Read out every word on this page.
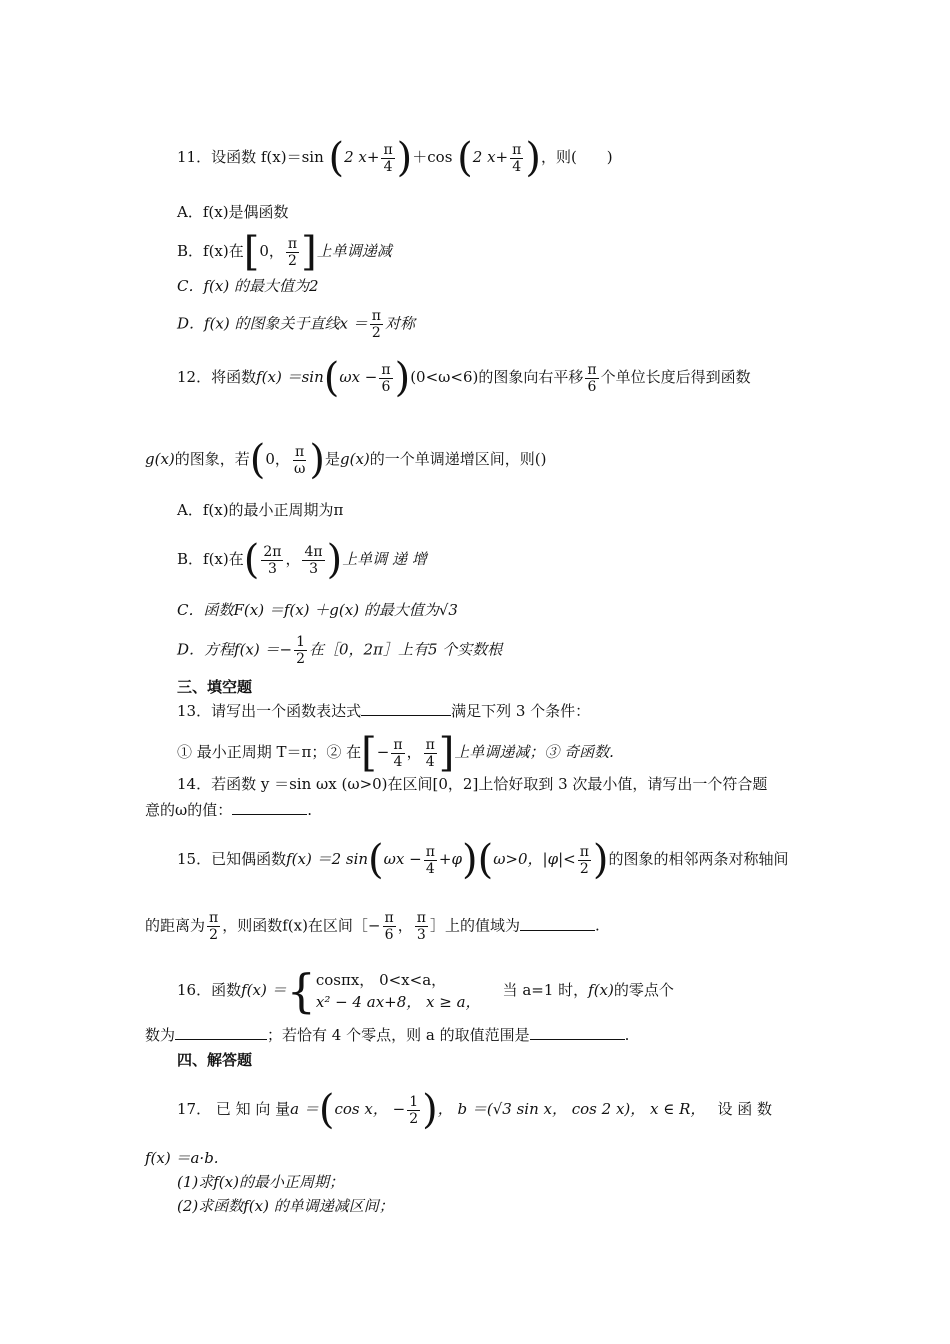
11．设函数 f(x)＝sin (2 $x+ \frac{\pi}{4} )+\cos$ (2 $x+ \frac{\pi}{4}$ )，则(　　)
A．f(x)是偶函数
B．f(x)在[0， $\frac{\pi}{2}$ ]上单调递减
C．f(x) 的最大值为2
D．f(x) 的图象关于直线$x = \frac{\pi}{2}$ 对称
12．将函数$f(x) =\sin(\omega x - \frac{\pi}{6} )(0<\omega<6)$的图象向右平移 $\frac{\pi}{6}$ 个单位长度后得到函数
g(x)的图象，若(0， $\frac{\pi}{\omega}$ )是g(x)的一个单调递增区间，则()
A．f(x)的最小正周期为π
B．f(x)在( $\frac{2\pi}{3}$ ， $\frac{4\pi}{3}$ )上单调 递 增
C．函数F(x) ＝f(x) ＋g(x) 的最大值为√3
D．方程$f(x) =- \frac{1}{2}$ 在［0，2π］上有5 个实数根
三、填空题
13．请写出一个函数表达式	满足下列 3 个条件：
① 最小正周期 T＝π；② 在[− $\frac{\pi}{4}$ ， $\frac{\pi}{4}$ ]上单调递减；③ 奇函数.
14．若函数 y ＝sin ωx (ω>0)在区间[0，2]上恰好取到 3 次最小值，请写出一个符合题
意的ω的值：	.
15．已知偶函数f(x) ＝2 $\sin(\omega x - \frac{\pi}{4} +\varphi)(\omega>0$，$|\varphi|< \frac{\pi}{2}$ )的图象的相邻两条对称轴间
的距离为 $\frac{\pi}{2}$ ，则函数f(x)在区间［− $\frac{\pi}{6}$ ， $\frac{\pi}{3}$ ］上的值域为	.
16．函数f(x) ＝{ cosπx， 0<x<a，
x² − 4 ax+8， x ≥ a，
当 a=1 时，f(x)的零点个
数为	；若恰有 4 个零点，则 a 的取值范围是	.
四、解答题
17． 已 知 向 量a ＝(cos x， − $\frac{1}{2}$ )， b ＝(√3 sin x， cos 2 x)， x ∈ R， 设 函 数
f(x) ＝a·b.
(1)求f(x)的最小正周期；
(2)求函数f(x) 的单调递减区间；
